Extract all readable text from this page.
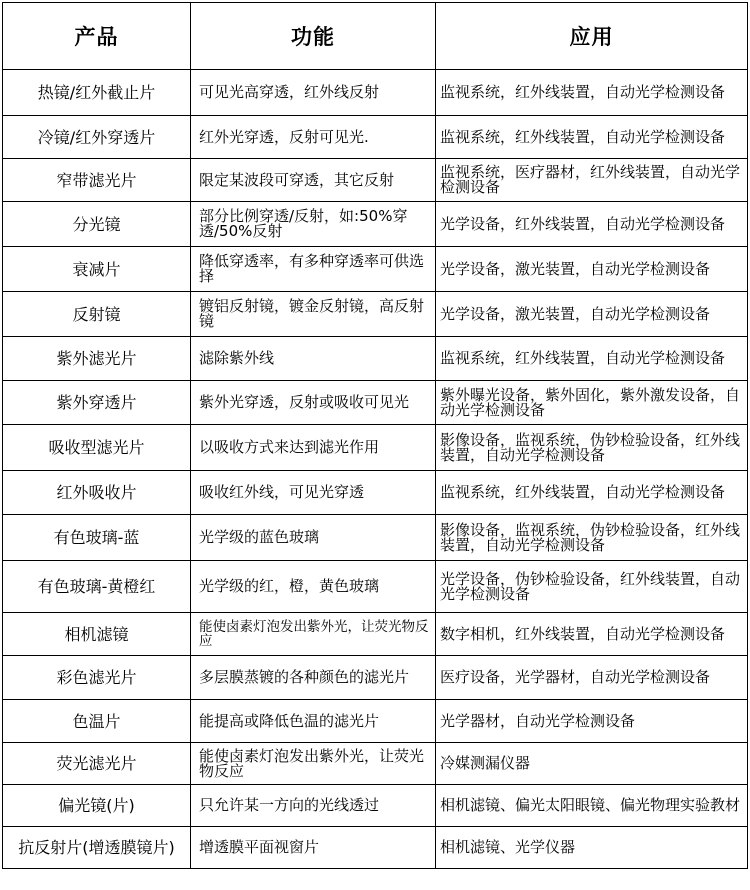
产品	功能	应用
热镜/红外截止片	可见光高穿透，红外线反射	监视系统，红外线装置，自动光学检测设备
冷镜/红外穿透片	红外光穿透，反射可见光.	监视系统，红外线装置，自动光学检测设备
窄带滤光片	限定某波段可穿透，其它反射	监视系统，医疗器材，红外线装置，自动光学检测设备
分光镜	部分比例穿透/反射，如:50%穿透/50%反射	光学设备，红外线装置，自动光学检测设备
衰减片	降低穿透率，有多种穿透率可供选择	光学设备，激光装置，自动光学检测设备
反射镜	镀铝反射镜，镀金反射镜，高反射镜	光学设备，激光装置，自动光学检测设备
紫外滤光片	滤除紫外线	监视系统，红外线装置，自动光学检测设备
紫外穿透片	紫外光穿透，反射或吸收可见光	紫外曝光设备，紫外固化，紫外激发设备，自动光学检测设备
吸收型滤光片	以吸收方式来达到滤光作用	影像设备，监视系统，伪钞检验设备，红外线装置，自动光学检测设备
红外吸收片	吸收红外线，可见光穿透	监视系统，红外线装置，自动光学检测设备
有色玻璃-蓝	光学级的蓝色玻璃	影像设备，监视系统，伪钞检验设备，红外线装置，自动光学检测设备
有色玻璃-黄橙红	光学级的红，橙，黄色玻璃	光学设备，伪钞检验设备，红外线装置，自动光学检测设备
相机滤镜	能使卤素灯泡发出紫外光，让荧光物反应	数字相机，红外线装置，自动光学检测设备
彩色滤光片	多层膜蒸镀的各种颜色的滤光片	医疗设备，光学器材，自动光学检测设备
色温片	能提高或降低色温的滤光片	光学器材，自动光学检测设备
荧光滤光片	能使卤素灯泡发出紫外光，让荧光物反应	冷媒测漏仪器
偏光镜(片)	只允许某一方向的光线透过	相机滤镜、偏光太阳眼镜、偏光物理实验教材
抗反射片(增透膜镜片)	增透膜平面视窗片	相机滤镜、光学仪器
